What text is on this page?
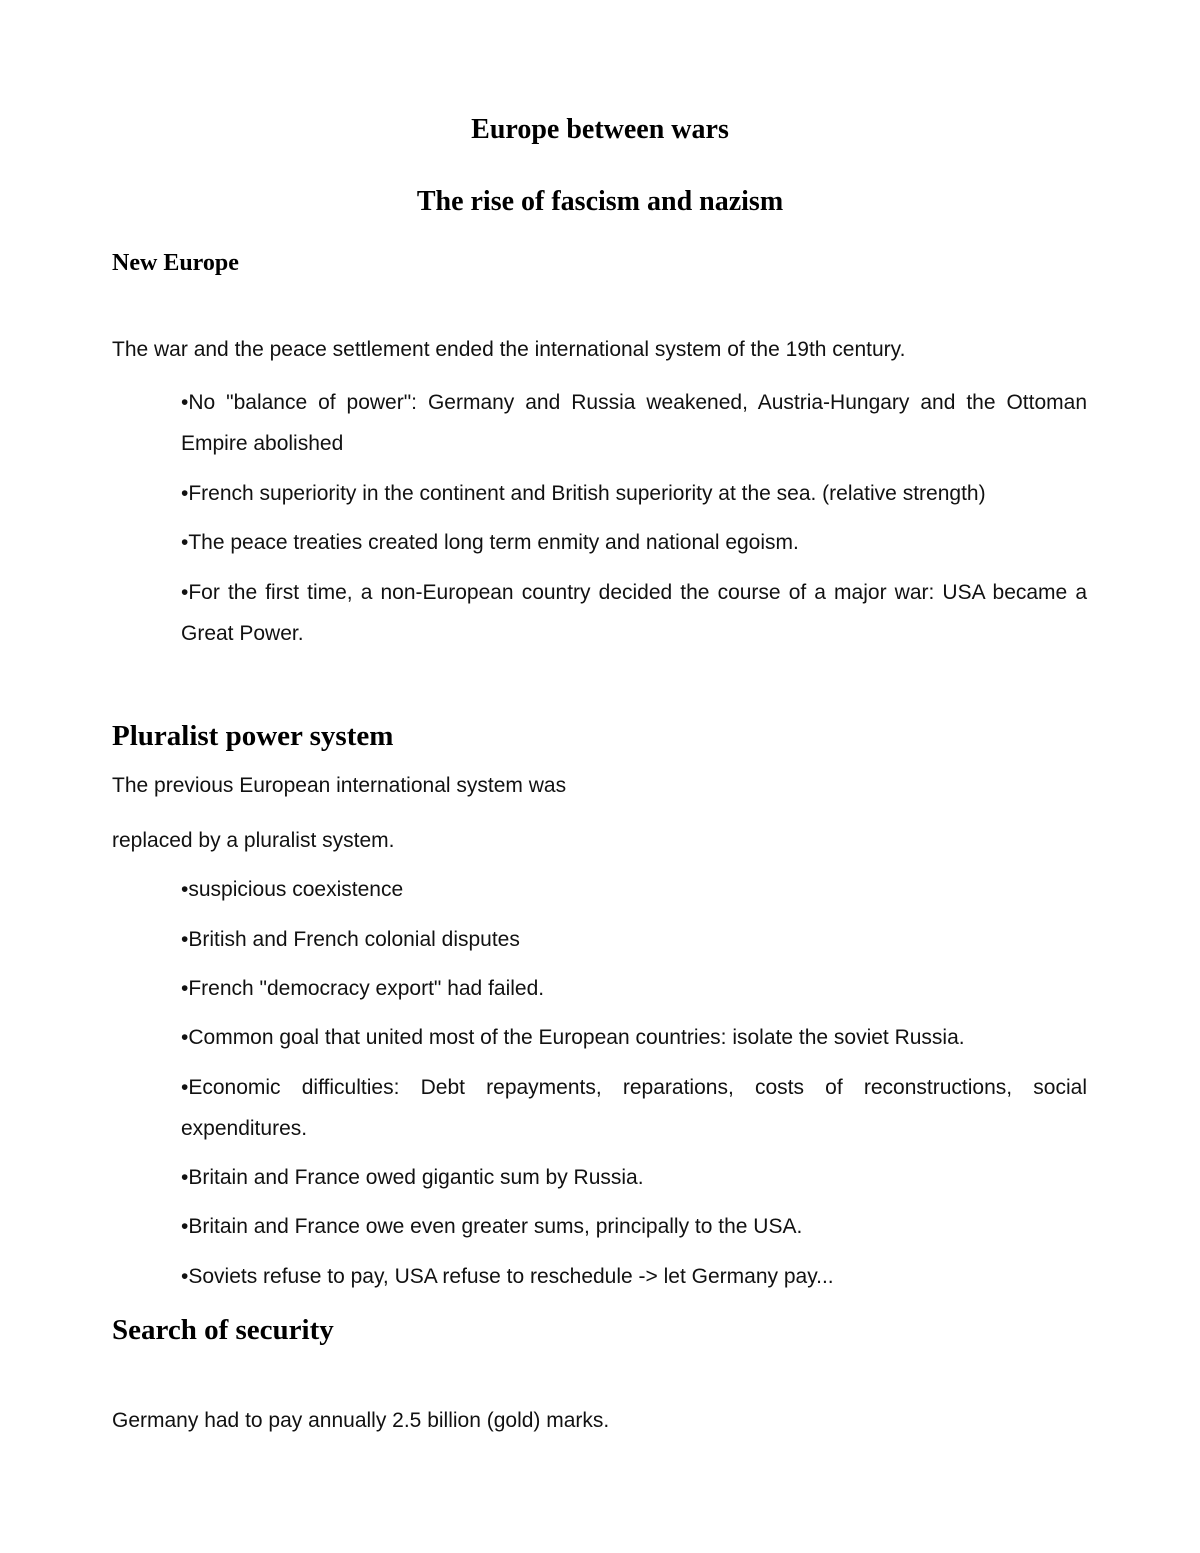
Europe between wars
The rise of fascism and nazism
New Europe

The war and the peace settlement ended the international system of the 19th century.

•No "balance of power": Germany and Russia weakened, Austria-Hungary and the Ottoman Empire abolished

•French superiority in the continent and British superiority at the sea. (relative strength)

•The peace treaties created long term enmity and national egoism.

•For the first time, a non-European country decided the course of a major war: USA became a Great Power.

Pluralist power system

The previous European international system was

replaced by a pluralist system.

•suspicious coexistence

•British and French colonial disputes

•French "democracy export" had failed.

•Common goal that united most of the European countries: isolate the soviet Russia.

•Economic difficulties: Debt repayments, reparations, costs of reconstructions, social expenditures.

•Britain and France owed gigantic sum by Russia.

•Britain and France owe even greater sums, principally to the USA.

•Soviets refuse to pay, USA refuse to reschedule -> let Germany pay...

Search of security

Germany had to pay annually 2.5 billion (gold) marks.
